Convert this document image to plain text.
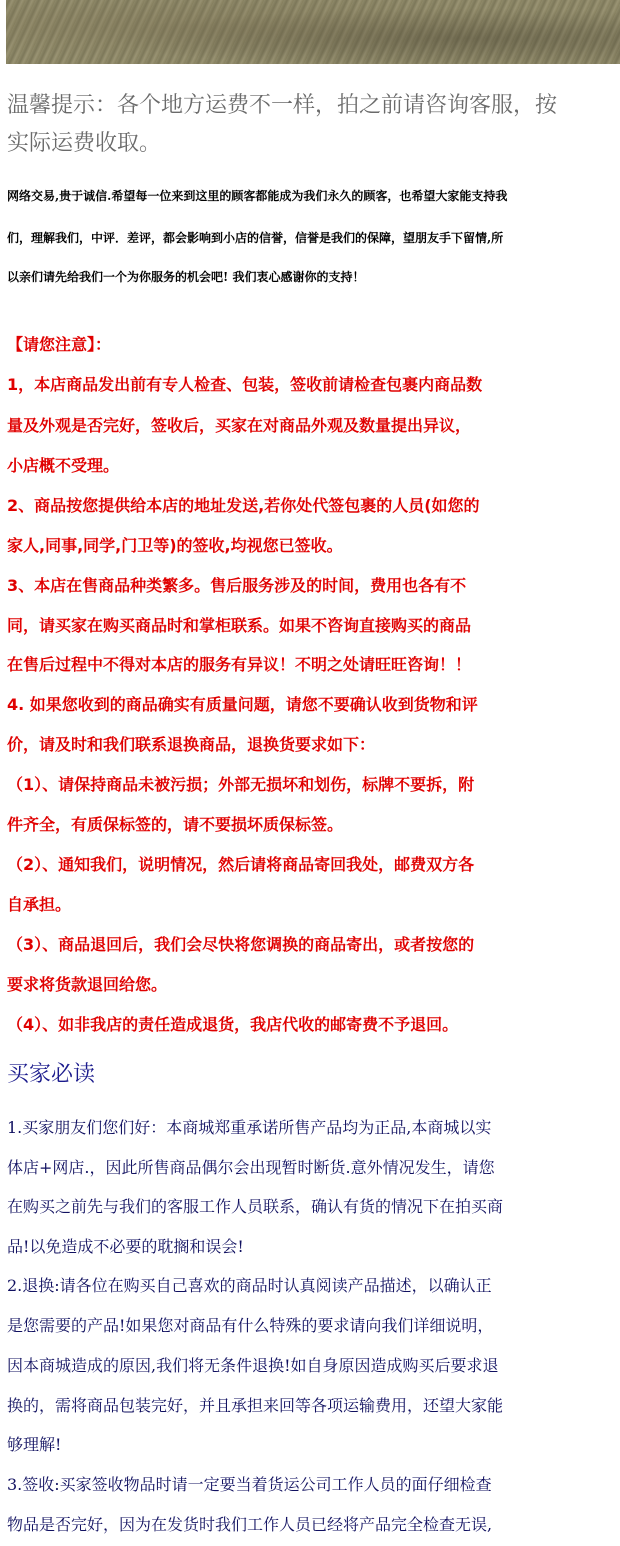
温馨提示：各个地方运费不一样，拍之前请咨询客服，按

实际运费收取。

网络交易,贵于诚信.希望每一位来到这里的顾客都能成为我们永久的顾客，也希望大家能支持我

们，理解我们，中评．差评，都会影响到小店的信誉，信誉是我们的保障，望朋友手下留情,所

以亲们请先给我们一个为你服务的机会吧! 我们衷心感谢你的支持！

【请您注意】：

1，本店商品发出前有专人检查、包装，签收前请检查包裹内商品数

量及外观是否完好，签收后，买家在对商品外观及数量提出异议，

小店概不受理。

2、商品按您提供给本店的地址发送,若你处代签包裹的人员(如您的

家人,同事,同学,门卫等)的签收,均视您已签收。

3、本店在售商品种类繁多。售后服务涉及的时间，费用也各有不

同，请买家在购买商品时和掌柜联系。如果不咨询直接购买的商品

在售后过程中不得对本店的服务有异议！不明之处请旺旺咨询！！

4. 如果您收到的商品确实有质量问题，请您不要确认收到货物和评

价，请及时和我们联系退换商品，退换货要求如下：

（1）、请保持商品未被污损；外部无损坏和划伤，标牌不要拆，附

件齐全，有质保标签的，请不要损坏质保标签。

（2）、通知我们，说明情况，然后请将商品寄回我处，邮费双方各

自承担。

（3）、商品退回后，我们会尽快将您调换的商品寄出，或者按您的

要求将货款退回给您。

（4）、如非我店的责任造成退货，我店代收的邮寄费不予退回。

买家必读

1.买家朋友们您们好：本商城郑重承诺所售产品均为正品,本商城以实

体店+网店.，因此所售商品偶尔会出现暂时断货.意外情况发生，请您

在购买之前先与我们的客服工作人员联系，确认有货的情况下在拍买商

品!以免造成不必要的耽搁和误会!

2.退换:请各位在购买自己喜欢的商品时认真阅读产品描述，以确认正

是您需要的产品!如果您对商品有什么特殊的要求请向我们详细说明，

因本商城造成的原因,我们将无条件退换!如自身原因造成购买后要求退

换的，需将商品包装完好，并且承担来回等各项运输费用，还望大家能

够理解!

3.签收:买家签收物品时请一定要当着货运公司工作人员的面仔细检查

物品是否完好，因为在发货时我们工作人员已经将产品完全检查无误,
